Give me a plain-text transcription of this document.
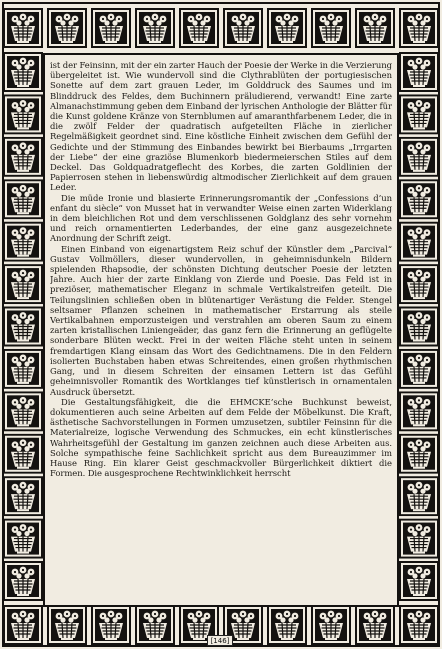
ist der Feinsinn, mit der ein zarter Hauch der Poesie der Werke in die Verzierung übergeleitet ist. Wie wundervoll sind die Clythrablüten der portugiesischen Sonette auf dem zart grauen Leder, im Golddruck des Saumes und im Blinddruck des Feldes, dem Buchinnern präludierend, verwandt! Eine zarte Almanachstimmung geben dem Einband der lyrischen Anthologie der Blätter für die Kunst goldene Kränze von Sternblumen auf amaranthfarbenem Leder, die in die zwölf Felder der quadratisch aufgeteilten Fläche in zierlicher Regelmäßigkeit geordnet sind. Eine köstliche Einheit zwischen dem Gefühl der Gedichte und der Stimmung des Einbandes bewirkt bei Bierbaums „Irrgarten der Liebe“ der eine graziöse Blumenkorb biedermeierschen Stiles auf dem Deckel. Das Goldquadratgeflecht des Korbes, die zarten Goldlinien der Papierrosen stehen in liebenswürdig altmodischer Zierlichkeit auf dem grauen Leder.

Die müde Ironie und blasierte Erinnerungsromantik der „Confessions d’un enfant du siècle“ von Musset hat in verwandter Weise einen zarten Widerklang in dem bleichlichen Rot und dem verschlissenen Goldglanz des sehr vornehm und reich ornamentierten Lederbandes, der eine ganz ausgezeichnete Anordnung der Schrift zeigt.

Einen Einband von eigenartigstem Reiz schuf der Künstler dem „Parcival“ Gustav Vollmöllers, dieser wundervollen, in geheimnisdunkeln Bildern spielenden Rhapsodie, der schönsten Dichtung deutscher Poesie der letzten Jahre. Auch hier der zarte Einklang von Zierde und Poesie. Das Feld ist in preziöser, mathematischer Eleganz in schmale Vertikalstreifen geteilt. Die Teilungslinien schließen oben in blütenartiger Verästung die Felder. Stengel seltsamer Pflanzen scheinen in mathematischer Erstarrung als steile Vertikalbahnen emporzusteigen und verstrahlen am oberen Saum zu einem zarten kristallischen Liniengeäder, das ganz fern die Erinnerung an geflügelte sonderbare Blüten weckt. Frei in der weiten Fläche steht unten in seinem fremdartigen Klang einsam das Wort des Gedichtnamens. Die in den Feldern isolierten Buchstaben haben etwas Schreitendes, einen großen rhythmischen Gang, und in diesem Schreiten der einsamen Lettern ist das Gefühl geheimnisvoller Romantik des Wortklanges tief künstlerisch in ornamentalen Ausdruck übersetzt.

Die Gestaltungsfähigkeit, die die EHMCKE’sche Buchkunst beweist, dokumentieren auch seine Arbeiten auf dem Felde der Möbelkunst. Die Kraft, ästhetische Sachvorstellungen in Formen umzusetzen, subtiler Feinsinn für die Materialreize, logische Verwendung des Schmuckes, ein echt künstlerisches Wahrheitsgefühl der Gestaltung im ganzen zeichnen auch diese Arbeiten aus. Solche sympathische feine Sachlichkeit spricht aus dem Bureauzimmer im Hause Ring. Ein klarer Geist geschmackvoller Bürgerlichkeit diktiert die Formen. Die ausgesprochene Rechtwinklichkeit herrscht

[146]
